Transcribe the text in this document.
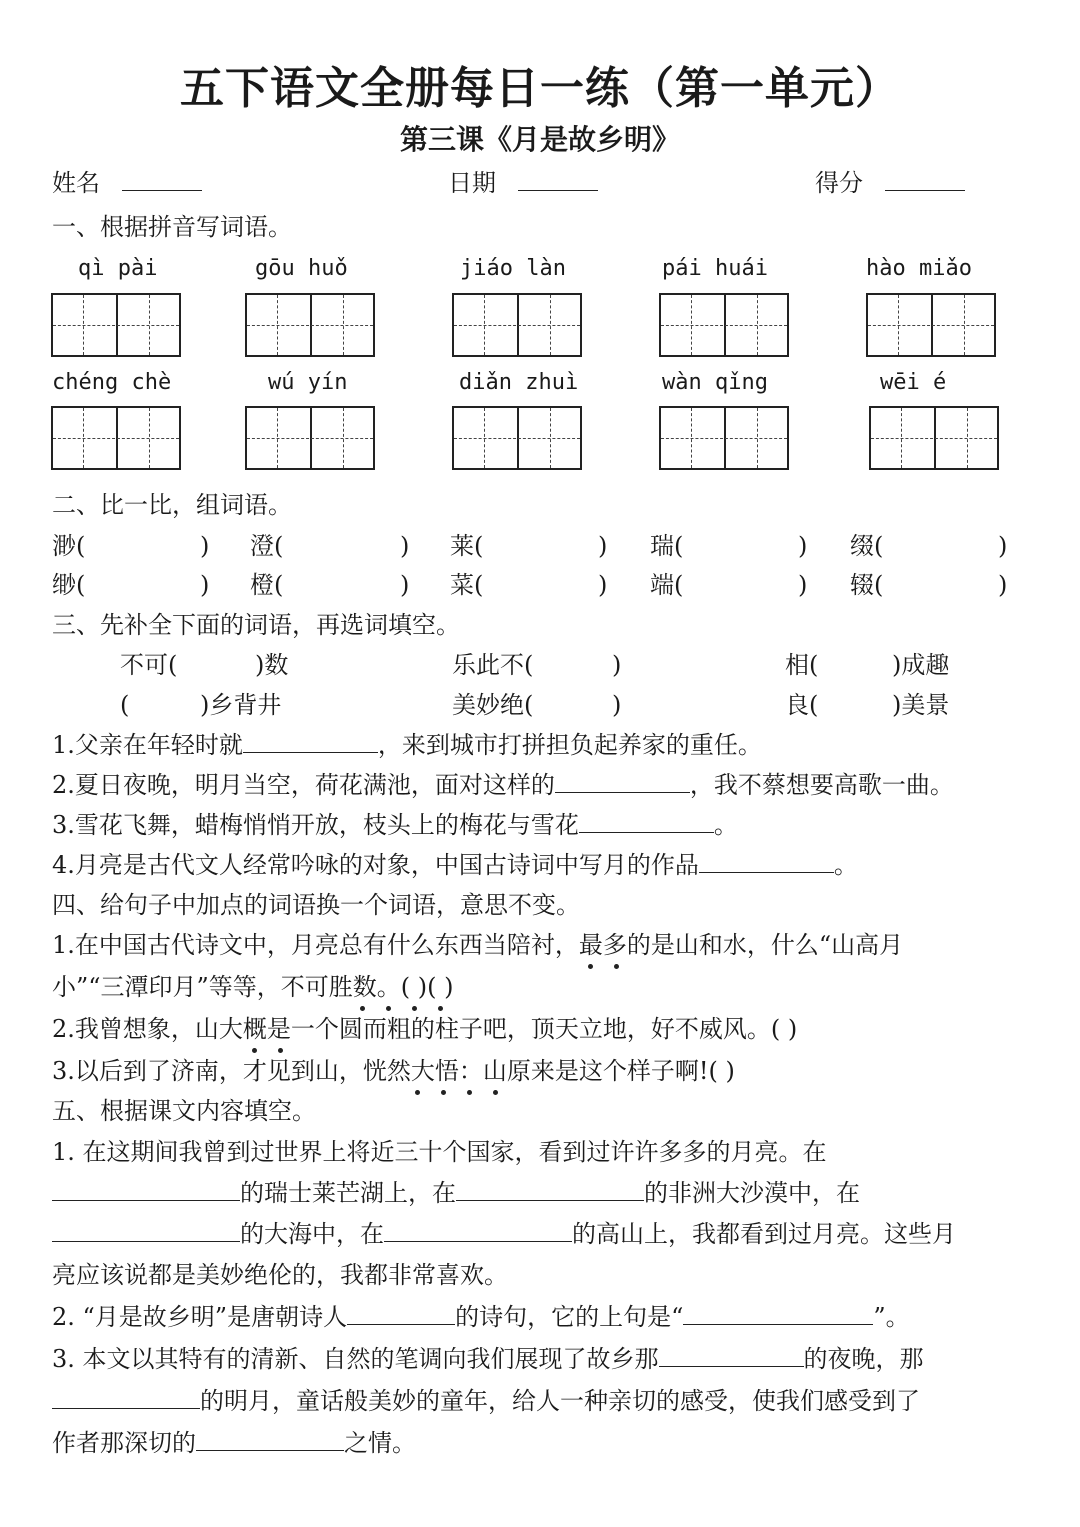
五下语文全册每日一练（第一单元）
第三课《月是故乡明》
姓名	日期	得分
一、根据拼音写词语。
qì pài	gōu huǒ	jiáo làn	pái huái	hào miǎo
chéng chè	wú yín	diǎn zhuì	wàn qǐng	wēi é
二、比一比，组词语。
渺(	) 澄(	) 莱(	) 瑞(	) 缀(	)
缈(	) 橙(	) 菜(	) 端(	) 辍(	)
三、先补全下面的词语，再选词填空。
不可(	)数	乐此不(	)	相(	)成趣
(	)乡背井	美妙绝(	)	良(	)美景
1.父亲在年轻时就	，来到城市打拼担负起养家的重任。
2.夏日夜晚，明月当空，荷花满池，面对这样的	，我不蔡想要高歌一曲。
3.雪花飞舞，蜡梅悄悄开放，枝头上的梅花与雪花	。
4.月亮是古代文人经常吟咏的对象，中国古诗词中写月的作品	。
四、给句子中加点的词语换一个词语，意思不变。
1.在中国古代诗文中，月亮总有什么东西当陪衬，最多的是山和水，什么“山高月
小”“三潭印月”等等，不可胜数。( )( )
2.我曾想象，山大概是一个圆而粗的柱子吧，顶天立地，好不威风。( )
3.以后到了济南，才见到山，恍然大悟：山原来是这个样子啊!( )
五、根据课文内容填空。
1. 在这期间我曾到过世界上将近三十个国家，看到过许许多多的月亮。在
的瑞士莱芒湖上，在	的非洲大沙漠中，在
的大海中，在	的高山上，我都看到过月亮。这些月
亮应该说都是美妙绝伦的，我都非常喜欢。
2. “月是故乡明”是唐朝诗人	的诗句，它的上句是“	”。
3. 本文以其特有的清新、自然的笔调向我们展现了故乡那	的夜晚，那
的明月，童话般美妙的童年，给人一种亲切的感受，使我们感受到了
作者那深切的	之情。
